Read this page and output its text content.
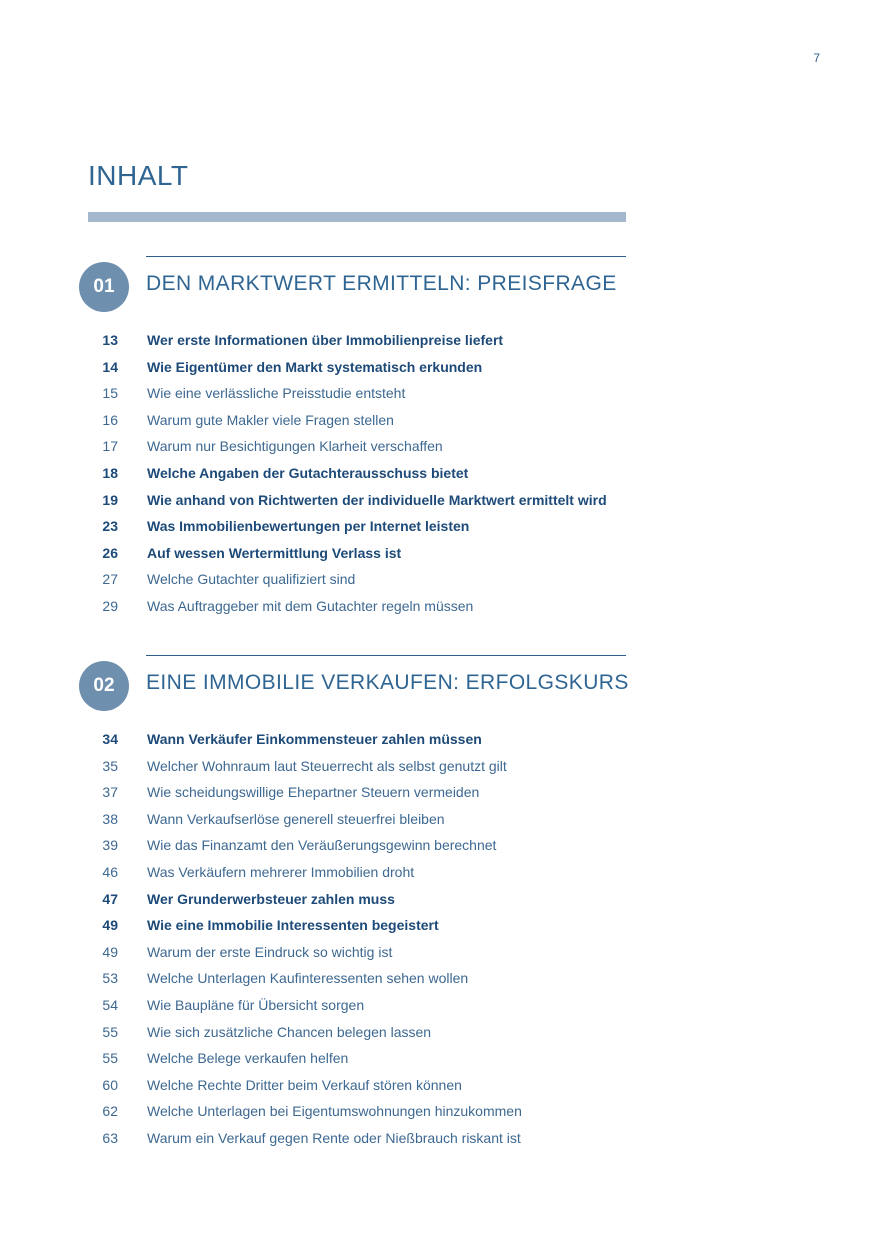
7
INHALT
01	DEN MARKTWERT ERMITTELN: PREISFRAGE
13 Wer erste Informationen über Immobilienpreise liefert
14 Wie Eigentümer den Markt systematisch erkunden
15 Wie eine verlässliche Preisstudie entsteht
16 Warum gute Makler viele Fragen stellen
17 Warum nur Besichtigungen Klarheit verschaffen
18 Welche Angaben der Gutachterausschuss bietet
19 Wie anhand von Richtwerten der individuelle Marktwert ermittelt wird
23 Was Immobilienbewertungen per Internet leisten
26 Auf wessen Wertermittlung Verlass ist
27 Welche Gutachter qualifiziert sind
29 Was Auftraggeber mit dem Gutachter regeln müssen
02	EINE IMMOBILIE VERKAUFEN: ERFOLGSKURS
34 Wann Verkäufer Einkommensteuer zahlen müssen
35 Welcher Wohnraum laut Steuerrecht als selbst genutzt gilt
37 Wie scheidungswillige Ehepartner Steuern vermeiden
38 Wann Verkaufserlöse generell steuerfrei bleiben
39 Wie das Finanzamt den Veräußerungsgewinn berechnet
46 Was Verkäufern mehrerer Immobilien droht
47 Wer Grunderwerbsteuer zahlen muss
49 Wie eine Immobilie Interessenten begeistert
49 Warum der erste Eindruck so wichtig ist
53 Welche Unterlagen Kaufinteressenten sehen wollen
54 Wie Baupläne für Übersicht sorgen
55 Wie sich zusätzliche Chancen belegen lassen
55 Welche Belege verkaufen helfen
60 Welche Rechte Dritter beim Verkauf stören können
62 Welche Unterlagen bei Eigentumswohnungen hinzukommen
63 Warum ein Verkauf gegen Rente oder Nießbrauch riskant ist
